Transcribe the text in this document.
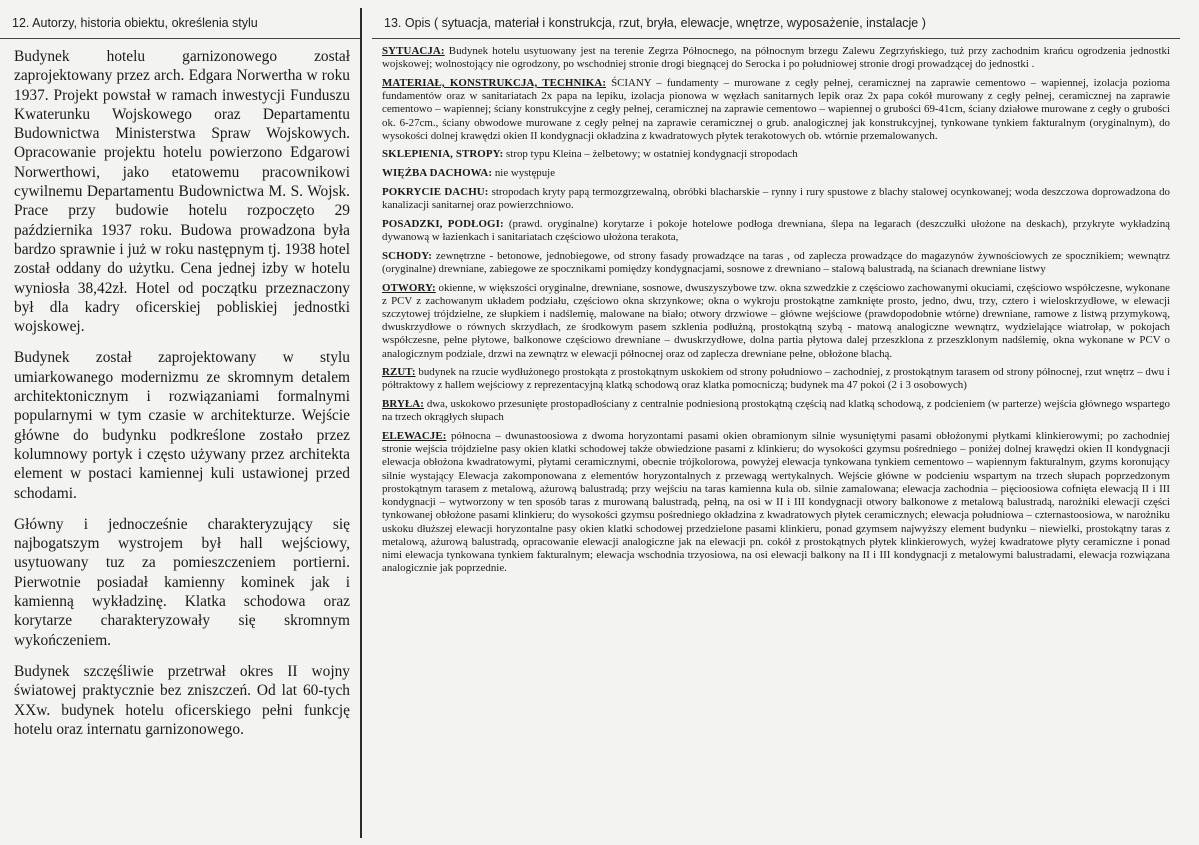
12. Autorzy, historia obiektu, określenia stylu

Budynek hotelu garnizonowego został zaprojektowany przez arch. Edgara Norwertha w roku 1937. Projekt powstał w ramach inwestycji Funduszu Kwaterunku Wojskowego oraz Departamentu Budownictwa Ministerstwa Spraw Wojskowych. Opracowanie projektu hotelu powierzono Edgarowi Norwerthowi, jako etatowemu pracownikowi cywilnemu Departamentu Budownictwa M. S. Wojsk. Prace przy budowie hotelu rozpoczęto 29 października 1937 roku. Budowa prowadzona była bardzo sprawnie i już w roku następnym tj. 1938 hotel został oddany do użytku. Cena jednej izby w hotelu wyniosła 38,42zł. Hotel od początku przeznaczony był dla kadry oficerskiej pobliskiej jednostki wojskowej.

Budynek został zaprojektowany w stylu umiarkowanego modernizmu ze skromnym detalem architektonicznym i rozwiązaniami formalnymi popularnymi w tym czasie w architekturze. Wejście główne do budynku podkreślone zostało przez kolumnowy portyk i często używany przez architekta element w postaci kamiennej kuli ustawionej przed schodami.

Główny i jednocześnie charakteryzujący się najbogatszym wystrojem był hall wejściowy, usytuowany tuz za pomieszczeniem portierni. Pierwotnie posiadał kamienny kominek jak i kamienną wykładzinę. Klatka schodowa oraz korytarze charakteryzowały się skromnym wykończeniem.

Budynek szczęśliwie przetrwał okres II wojny światowej praktycznie bez zniszczeń. Od lat 60-tych XXw. budynek hotelu oficerskiego pełni funkcję hotelu oraz internatu garnizonowego.

13. Opis ( sytuacja, materiał i konstrukcja, rzut, bryła, elewacje, wnętrze, wyposażenie, instalacje )

SYTUACJA: Budynek hotelu usytuowany jest na terenie Zegrza Północnego, na północnym brzegu Zalewu Zegrzyńskiego, tuż przy zachodnim krańcu ogrodzenia jednostki wojskowej; wolnostojący nie ogrodzony, po wschodniej stronie drogi biegnącej do Serocka i po południowej stronie drogi prowadzącej do jednostki .

MATERIAŁ, KONSTRUKCJA, TECHNIKA: ŚCIANY – fundamenty – murowane z cegły pełnej, ceramicznej na zaprawie cementowo – wapiennej, izolacja pozioma fundamentów oraz w sanitariatach 2x papa na lepiku, izolacja pionowa w węzłach sanitarnych lepik oraz 2x papa cokół murowany z cegły pełnej, ceramicznej na zaprawie cementowo – wapiennej; ściany konstrukcyjne z cegły pełnej, ceramicznej na zaprawie cementowo – wapiennej o grubości 69-41cm, ściany działowe murowane z cegły o grubości ok. 6-27cm., ściany obwodowe murowane z cegły pełnej na zaprawie ceramicznej o grub. analogicznej jak konstrukcyjnej, tynkowane tynkiem fakturalnym (oryginalnym), do wysokości dolnej krawędzi okien II kondygnacji okładzina z kwadratowych płytek terakotowych ob. wtórnie przemalowanych.

SKLEPIENIA, STROPY: strop typu Kleina – żelbetowy; w ostatniej kondygnacji stropodach

WIĘŹBA DACHOWA: nie występuje

POKRYCIE DACHU: stropodach kryty papą termozgrzewalną, obróbki blacharskie – rynny i rury spustowe z blachy stalowej ocynkowanej; woda deszczowa doprowadzona do kanalizacji sanitarnej oraz powierzchniowo.

POSADZKI, PODŁOGI: (prawd. oryginalne) korytarze i pokoje hotelowe podłoga drewniana, ślepa na legarach (deszczułki ułożone na deskach), przykryte wykładziną dywanową w łazienkach i sanitariatach częściowo ułożona terakota,

SCHODY: zewnętrzne - betonowe, jednobiegowe, od strony fasady prowadzące na taras , od zaplecza prowadzące do magazynów żywnościowych ze spocznikiem; wewnątrz (oryginalne) drewniane, zabiegowe ze spocznikami pomiędzy kondygnacjami, sosnowe z drewniano – stalową balustradą, na ścianach drewniane listwy

OTWORY: okienne, w większości oryginalne, drewniane, sosnowe, dwuszyszybowe tzw. okna szwedzkie z częściowo zachowanymi okuciami, częściowo współczesne, wykonane z PCV z zachowanym układem podziału, częściowo okna skrzynkowe; okna o wykroju prostokątne zamknięte prosto, jedno, dwu, trzy, cztero i wieloskrzydłowe, w elewacji szczytowej trójdzielne, ze słupkiem i nadślemię, malowane na biało; otwory drzwiowe – główne wejściowe (prawdopodobnie wtórne) drewniane, ramowe z listwą przymykową, dwuskrzydłowe o równych skrzydłach, ze środkowym pasem szklenia podłużną, prostokątną szybą - matową analogiczne wewnątrz, wydzielające wiatrołap, w pokojach współczesne, pełne płytowe, balkonowe częściowo drewniane – dwuskrzydłowe, dolna partia płytowa dalej przeszklona z przeszklonym nadślemię, okna wykonane w PCV o analogicznym podziale, drzwi na zewnątrz w elewacji północnej oraz od zaplecza drewniane pełne, obłożone blachą.

RZUT: budynek na rzucie wydłużonego prostokąta z prostokątnym uskokiem od strony południowo – zachodniej, z prostokątnym tarasem od strony północnej, rzut wnętrz – dwu i półtraktowy z hallem wejściowy z reprezentacyjną klatką schodową oraz klatka pomocniczą; budynek ma 47 pokoi (2 i 3 osobowych)

BRYŁA: dwa, uskokowo przesunięte prostopadłościany z centralnie podniesioną prostokątną częścią nad klatką schodową, z podcieniem (w parterze) wejścia głównego wspartego na trzech okrągłych słupach

ELEWACJE: północna – dwunastoosiowa z dwoma horyzontami pasami okien obramionym silnie wysuniętymi pasami obłożonymi płytkami klinkierowymi; po zachodniej stronie wejścia trójdzielne pasy okien klatki schodowej także obwiedzione pasami z klinkieru; do wysokości gzymsu pośredniego – poniżej dolnej krawędzi okien II kondygnacji elewacja obłożona kwadratowymi, płytami ceramicznymi, obecnie trójkolorowa, powyżej elewacja tynkowana tynkiem cementowo – wapiennym fakturalnym, gzyms koronujący silnie wystający Elewacja zakomponowana z elementów horyzontalnych z przewagą wertykalnych. Wejście główne w podcieniu wspartym na trzech słupach poprzedzonym prostokątnym tarasem z metalową, ażurową balustradą; przy wejściu na taras kamienna kula ob. silnie zamalowana; elewacja zachodnia – pięcioosiowa cofnięta elewacją II i III kondygnacji – wytworzony w ten sposób taras z murowaną balustradą, pełną, na osi w II i III kondygnacji otwory balkonowe z metalową balustradą, narożniki elewacji części tynkowanej obłożone pasami klinkieru; do wysokości gzymsu pośredniego okładzina z kwadratowych płytek ceramicznych; elewacja południowa – czternastoosiowa, w narożniku uskoku dłuższej elewacji horyzontalne pasy okien klatki schodowej przedzielone pasami klinkieru, ponad gzymsem najwyższy element budynku – niewielki, prostokątny taras z metalową, ażurową balustradą, opracowanie elewacji analogiczne jak na elewacji pn. cokół z prostokątnych płytek klinkierowych, wyżej kwadratowe płyty ceramiczne i ponad nimi elewacja tynkowana tynkiem fakturalnym; elewacja wschodnia trzyosiowa, na osi elewacji balkony na II i III kondygnacji z metalowymi balustradami, elewacja rozwiązana analogicznie jak poprzednie.
